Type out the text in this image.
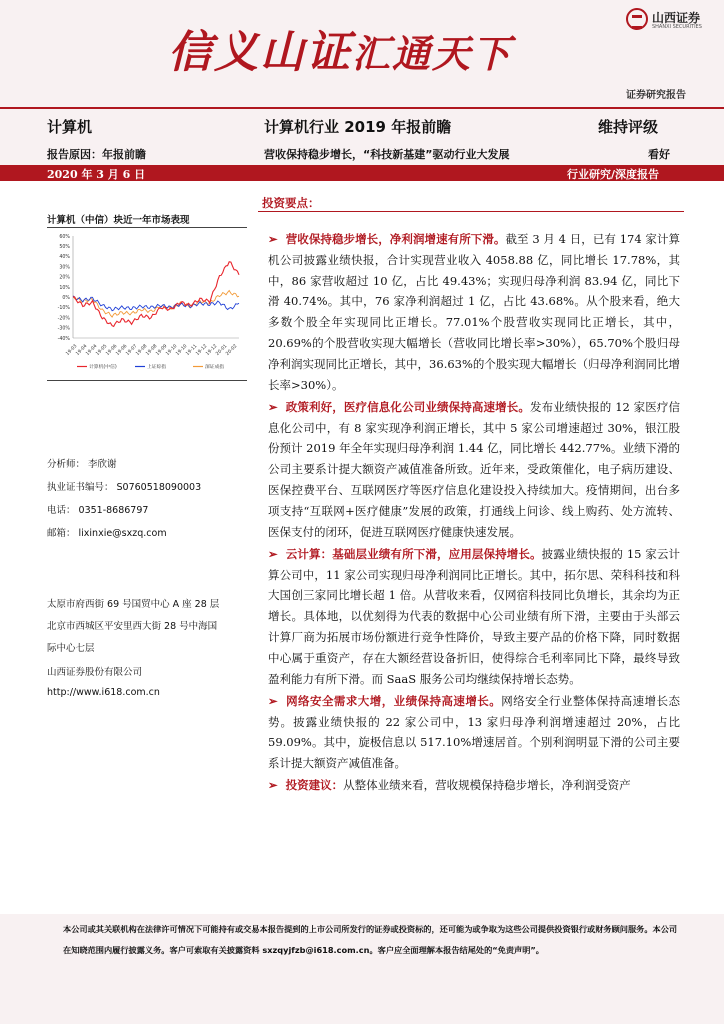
信义山证汇通天下
山西证券
SHANXI SECURITIES
证券研究报告
计算机	计算机行业 2019 年报前瞻	维持评级
报告原因：年报前瞻	营收保持稳步增长，“科技新基建”驱动行业大发展	看好
2020 年 3 月 6 日	行业研究/深度报告
计算机（中信）块近一年市场表现
60%
50%
40%
30%
20%
10%
0%
-10%
-20%
-30%
-40%
19-03
19-04
19-04
19-05
19-06
19-06
19-07
19-08
19-08
19-09
19-10
19-10
19-11
19-12
19-12
20-01
20-02
计算机(中信)	上证综指	深证成指
分析师： 李欣谢
执业证书编号： S0760518090003
电话： 0351-8686797
邮箱： lixinxie@sxzq.com
太原市府西街 69 号国贸中心 A 座 28 层
北京市西城区平安里西大街 28 号中海国
际中心七层
山西证券股份有限公司
http://www.i618.com.cn
投资要点：

➢ 营收保持稳步增长，净利润增速有所下滑。截至 3 月 4 日，已有 174 家计算机公司披露业绩快报，合计实现营业收入 4058.88 亿，同比增长 17.78%，其中，86 家营收超过 10 亿，占比 49.43%；实现归母净利润 83.94 亿，同比下滑 40.74%。其中，76 家净利润超过 1 亿，占比 43.68%。从个股来看，绝大多数个股全年实现同比正增长。77.01%个股营收实现同比正增长，其中，20.69%的个股营收实现大幅增长（营收同比增长率>30%），65.70%个股归母净利润实现同比正增长，其中，36.63%的个股实现大幅增长（归母净利润同比增长率>30%）。

➢ 政策利好，医疗信息化公司业绩保持高速增长。发布业绩快报的 12 家医疗信息化公司中，有 8 家实现净利润正增长，其中 5 家公司增速超过 30%，银江股份预计 2019 年全年实现归母净利润 1.44 亿，同比增长 442.77%。业绩下滑的公司主要系计提大额资产减值准备所致。近年来，受政策催化，电子病历建设、医保控费平台、互联网医疗等医疗信息化建设投入持续加大。疫情期间，出台多项支持“互联网+医疗健康”发展的政策，打通线上问诊、线上购药、处方流转、医保支付的闭环，促进互联网医疗健康快速发展。

➢ 云计算：基础层业绩有所下滑，应用层保持增长。披露业绩快报的 15 家云计算公司中，11 家公司实现归母净利润同比正增长。其中，拓尔思、荣科科技和科大国创三家同比增长超 1 倍。从营收来看，仅网宿科技同比负增长，其余均为正增长。具体地，以优刻得为代表的数据中心公司业绩有所下滑，主要由于头部云计算厂商为拓展市场份额进行竞争性降价，导致主要产品的价格下降，同时数据中心属于重资产，存在大额经营设备折旧，使得综合毛利率同比下降，最终导致盈利能力有所下滑。而 SaaS 服务公司均继续保持增长态势。

➢ 网络安全需求大增，业绩保持高速增长。网络安全行业整体保持高速增长态势。披露业绩快报的 22 家公司中，13 家归母净利润增速超过 20%，占比 59.09%。其中，旋极信息以 517.10%增速居首。个别利润明显下滑的公司主要系计提大额资产减值准备。

➢ 投资建议：从整体业绩来看，营收规模保持稳步增长，净利润受资产

本公司或其关联机构在法律许可情况下可能持有或交易本报告提到的上市公司所发行的证券或投资标的，还可能为或争取为这些公司提供投资银行或财务顾问服务。本公司在知晓范围内履行披露义务。客户可索取有关披露资料 sxzqyjfzb@i618.com.cn。客户应全面理解本报告结尾处的“免责声明”。
